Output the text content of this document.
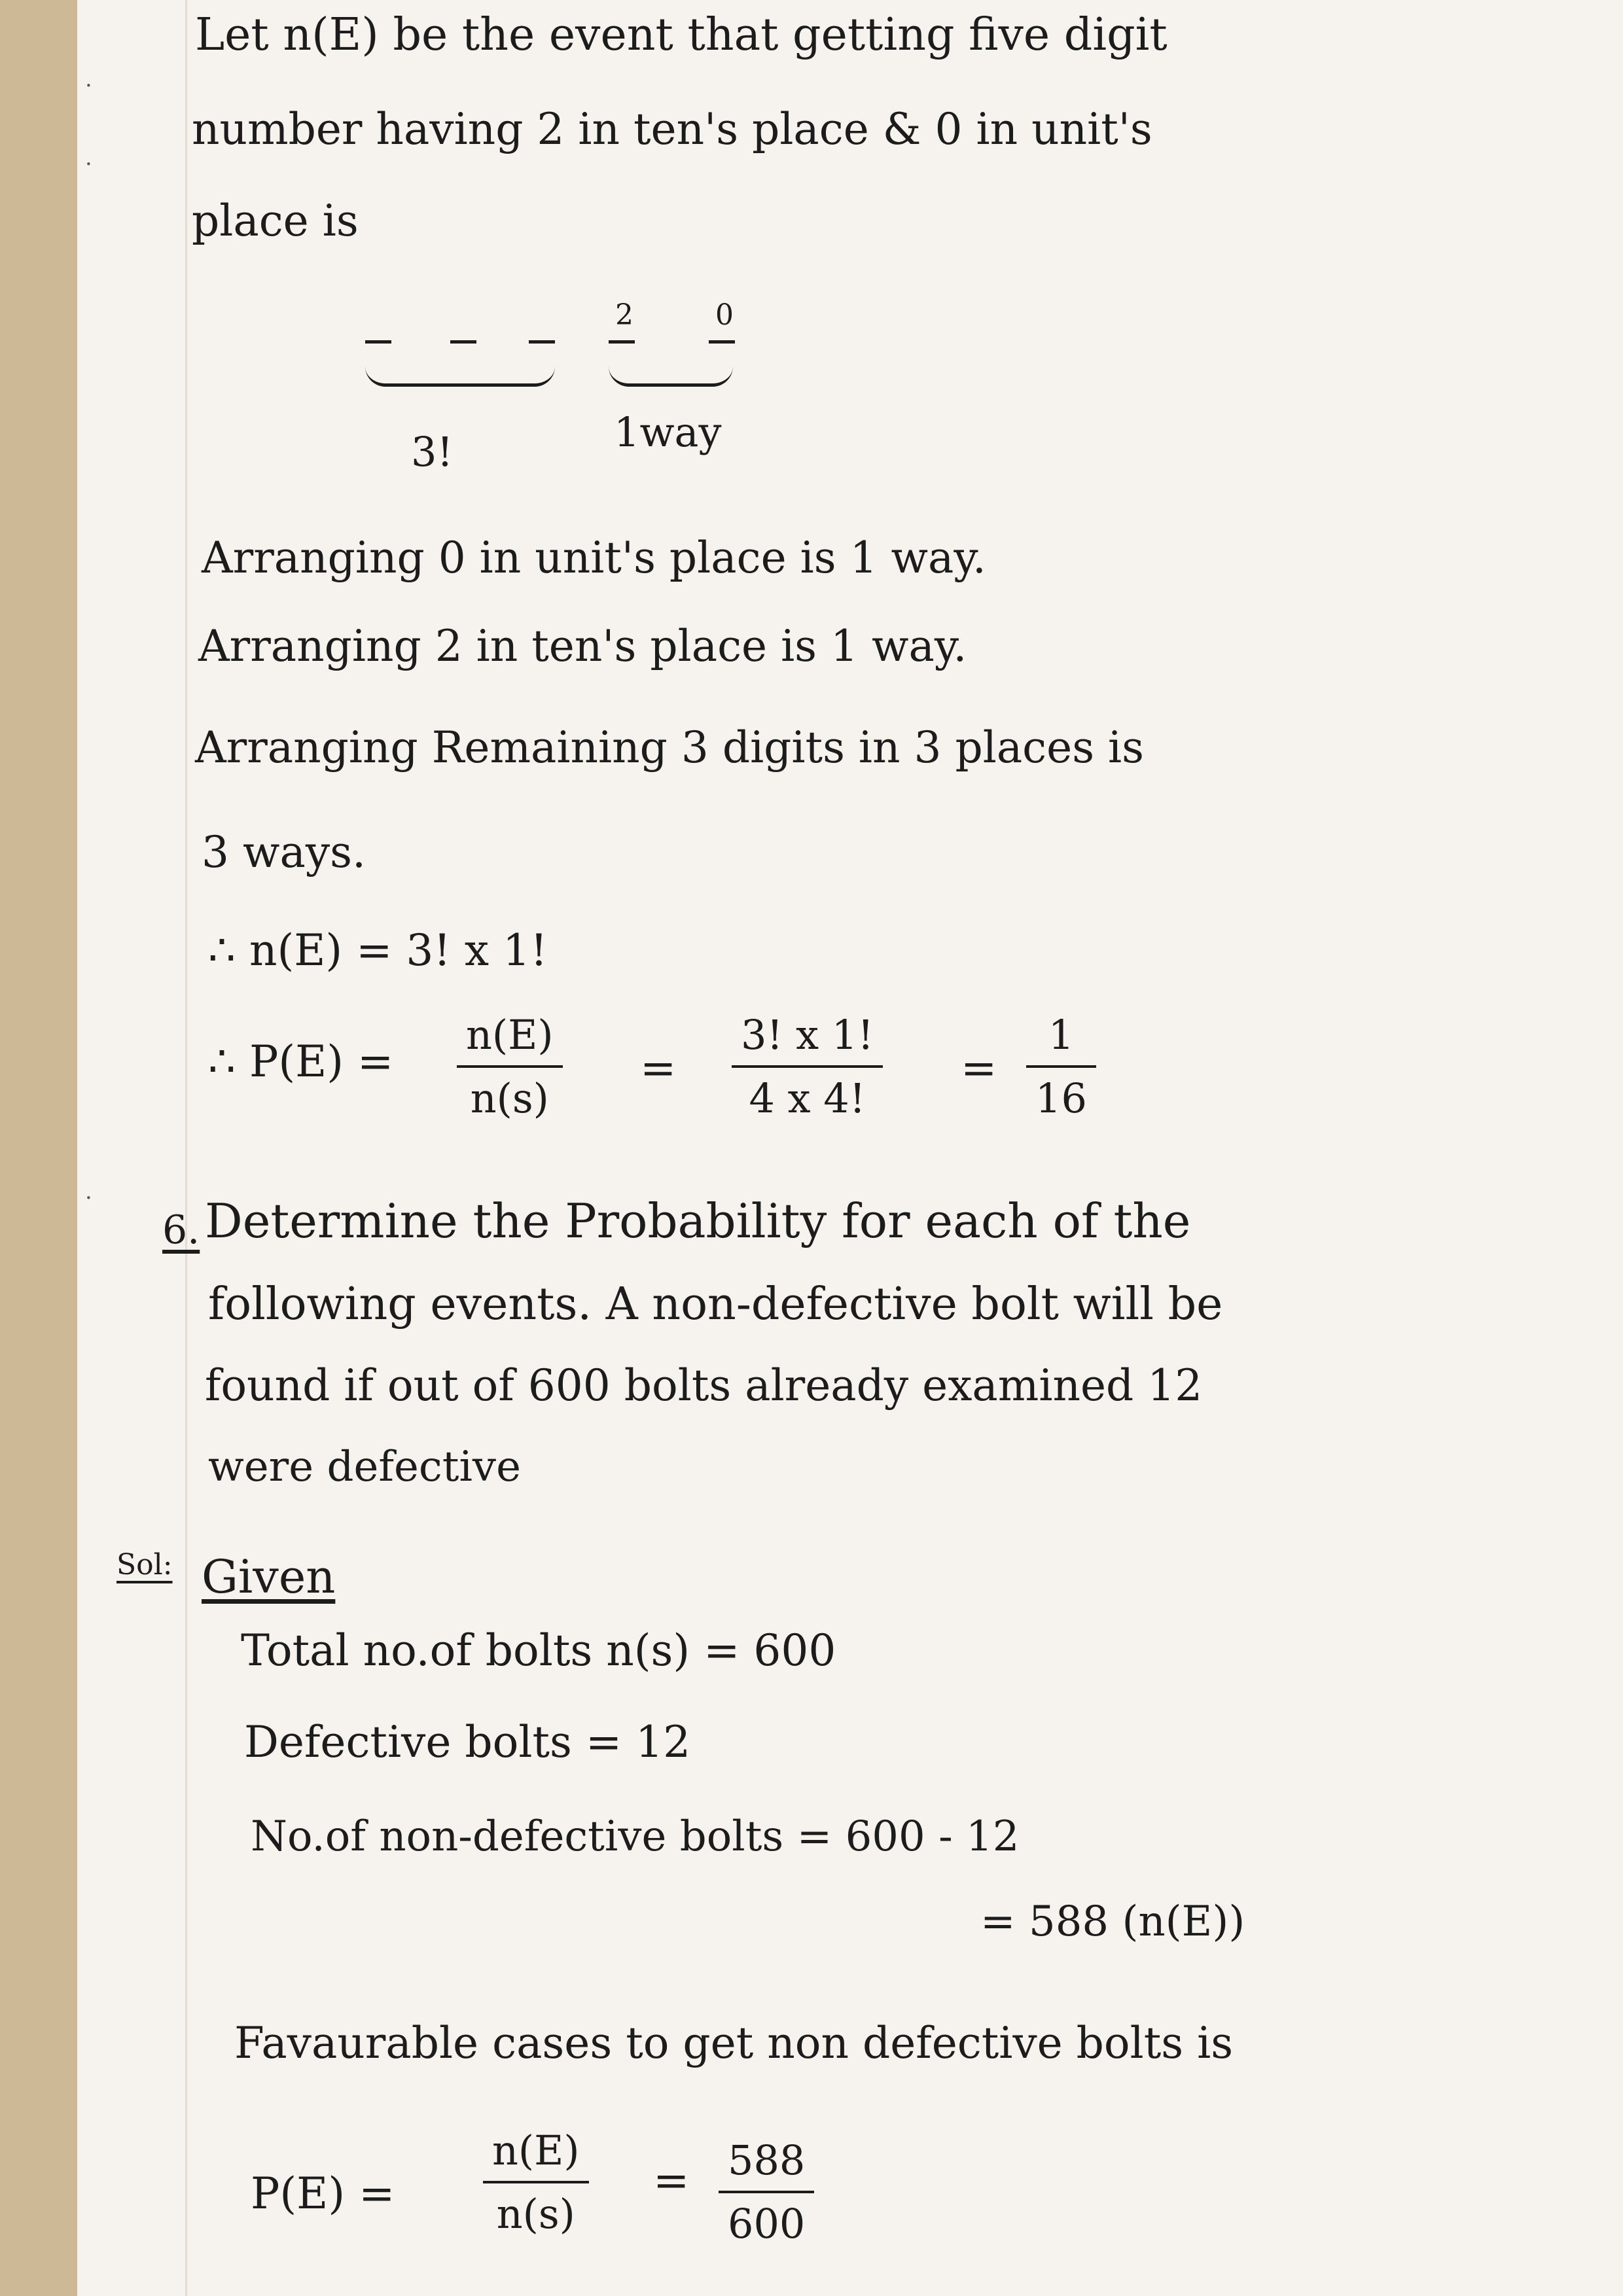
·
·
·
Let n(E) be the event that getting five digit
number having 2 in ten's place & 0 in unit's
place is
2	0
3!	1way
Arranging 0 in unit's place is 1 way.
Arranging 2 in ten's place is 1 way.
Arranging Remaining 3 digits in 3 places is
3 ways.
∴ n(E) = 3! x 1!
∴ $P(E) = \frac{n(E)}{n(s)} = \frac{3! x 1!}{4 x 4!} = \frac{1}{16}$
6. Determine the Probability for each of the
following events. A non-defective bolt will be
found if out of 600 bolts already examined 12
were defective
Sol: Given
Total no.of bolts n(s) = 600
Defective bolts = 12
No.of non-defective bolts = 600 - 12
= 588 (n(E))
Favaurable cases to get non defective bolts is
$P(E) = \frac{n(E)}{n(s)} = \frac{588}{600}$
